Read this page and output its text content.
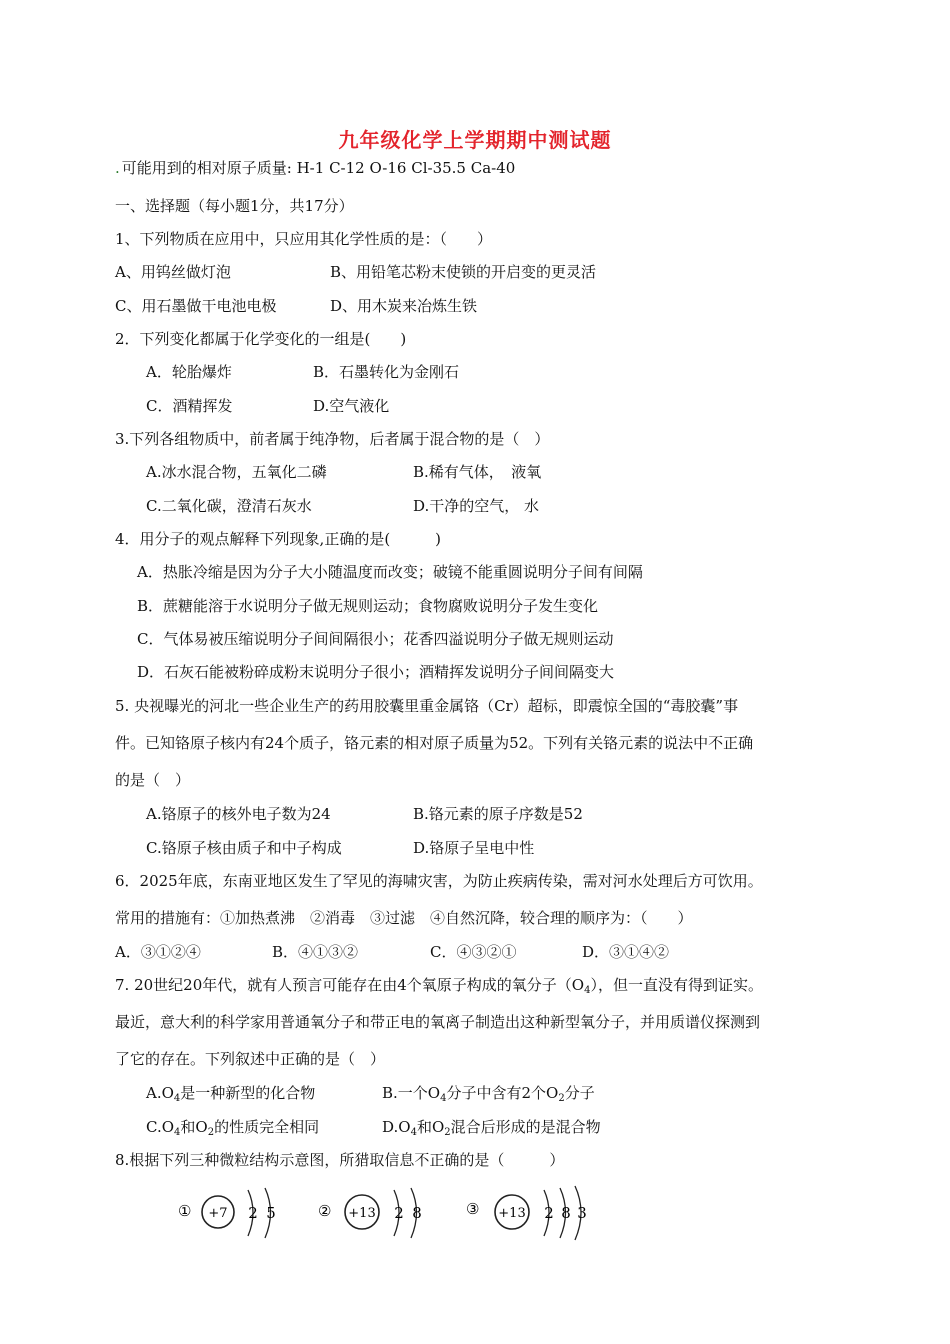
九年级化学上学期期中测试题
. 可能用到的相对原子质量: H-1 C-12 O-16 Cl-35.5 Ca-40
一、选择题（每小题1分，共17分）
1、下列物质在应用中，只应用其化学性质的是：（　　）
A、用钨丝做灯泡	B、用铅笔芯粉末使锁的开启变的更灵活
C、用石墨做干电池电极	D、用木炭来冶炼生铁
2．下列变化都属于化学变化的一组是(　　)
A．轮胎爆炸	B．石墨转化为金刚石
C．酒精挥发	D.空气液化
3.下列各组物质中，前者属于纯净物，后者属于混合物的是（　）
A.冰水混合物，五氧化二磷	B.稀有气体，　液氧
C.二氧化碳，澄清石灰水	D.干净的空气， 水
4．用分子的观点解释下列现象,正确的是(　　　)
A．热胀冷缩是因为分子大小随温度而改变；破镜不能重圆说明分子间有间隔
B．蔗糖能溶于水说明分子做无规则运动；食物腐败说明分子发生变化
C．气体易被压缩说明分子间间隔很小；花香四溢说明分子做无规则运动
D．石灰石能被粉碎成粉末说明分子很小；酒精挥发说明分子间间隔变大
5. 央视曝光的河北一些企业生产的药用胶囊里重金属铬（Cr）超标，即震惊全国的“毒胶囊”事
件。已知铬原子核内有24个质子，铬元素的相对原子质量为52。下列有关铬元素的说法中不正确
的是（　）
A.铬原子的核外电子数为24	B.铬元素的原子序数是52
C.铬原子核由质子和中子构成	D.铬原子呈电中性
6．2025年底，东南亚地区发生了罕见的海啸灾害，为防止疾病传染，需对河水处理后方可饮用。
常用的措施有：①加热煮沸　②消毒　③过滤　④自然沉降，较合理的顺序为：（　　）
A．③①②④	B．④①③②	C．④③②①	D．③①④②
7. 20世纪20年代，就有人预言可能存在由4个氧原子构成的氧分子$(O_4)$，但一直没有得到证实。
最近，意大利的科学家用普通氧分子和带正电的氧离子制造出这种新型氧分子，并用质谱仪探测到
了它的存在。下列叙述中正确的是（　）
$A.O_4$是一种新型的化合物	B.一个$O_4$分子中含有2个$O_2$分子
$C.O_4$和$O_2$的性质完全相同	$D.O_4$和$O_2$混合后形成的是混合物
8.根据下列三种微粒结构示意图，所猎取信息不正确的是（　　　）
① +7 2 5	② +13 2 8	③ +13 2 8 3
